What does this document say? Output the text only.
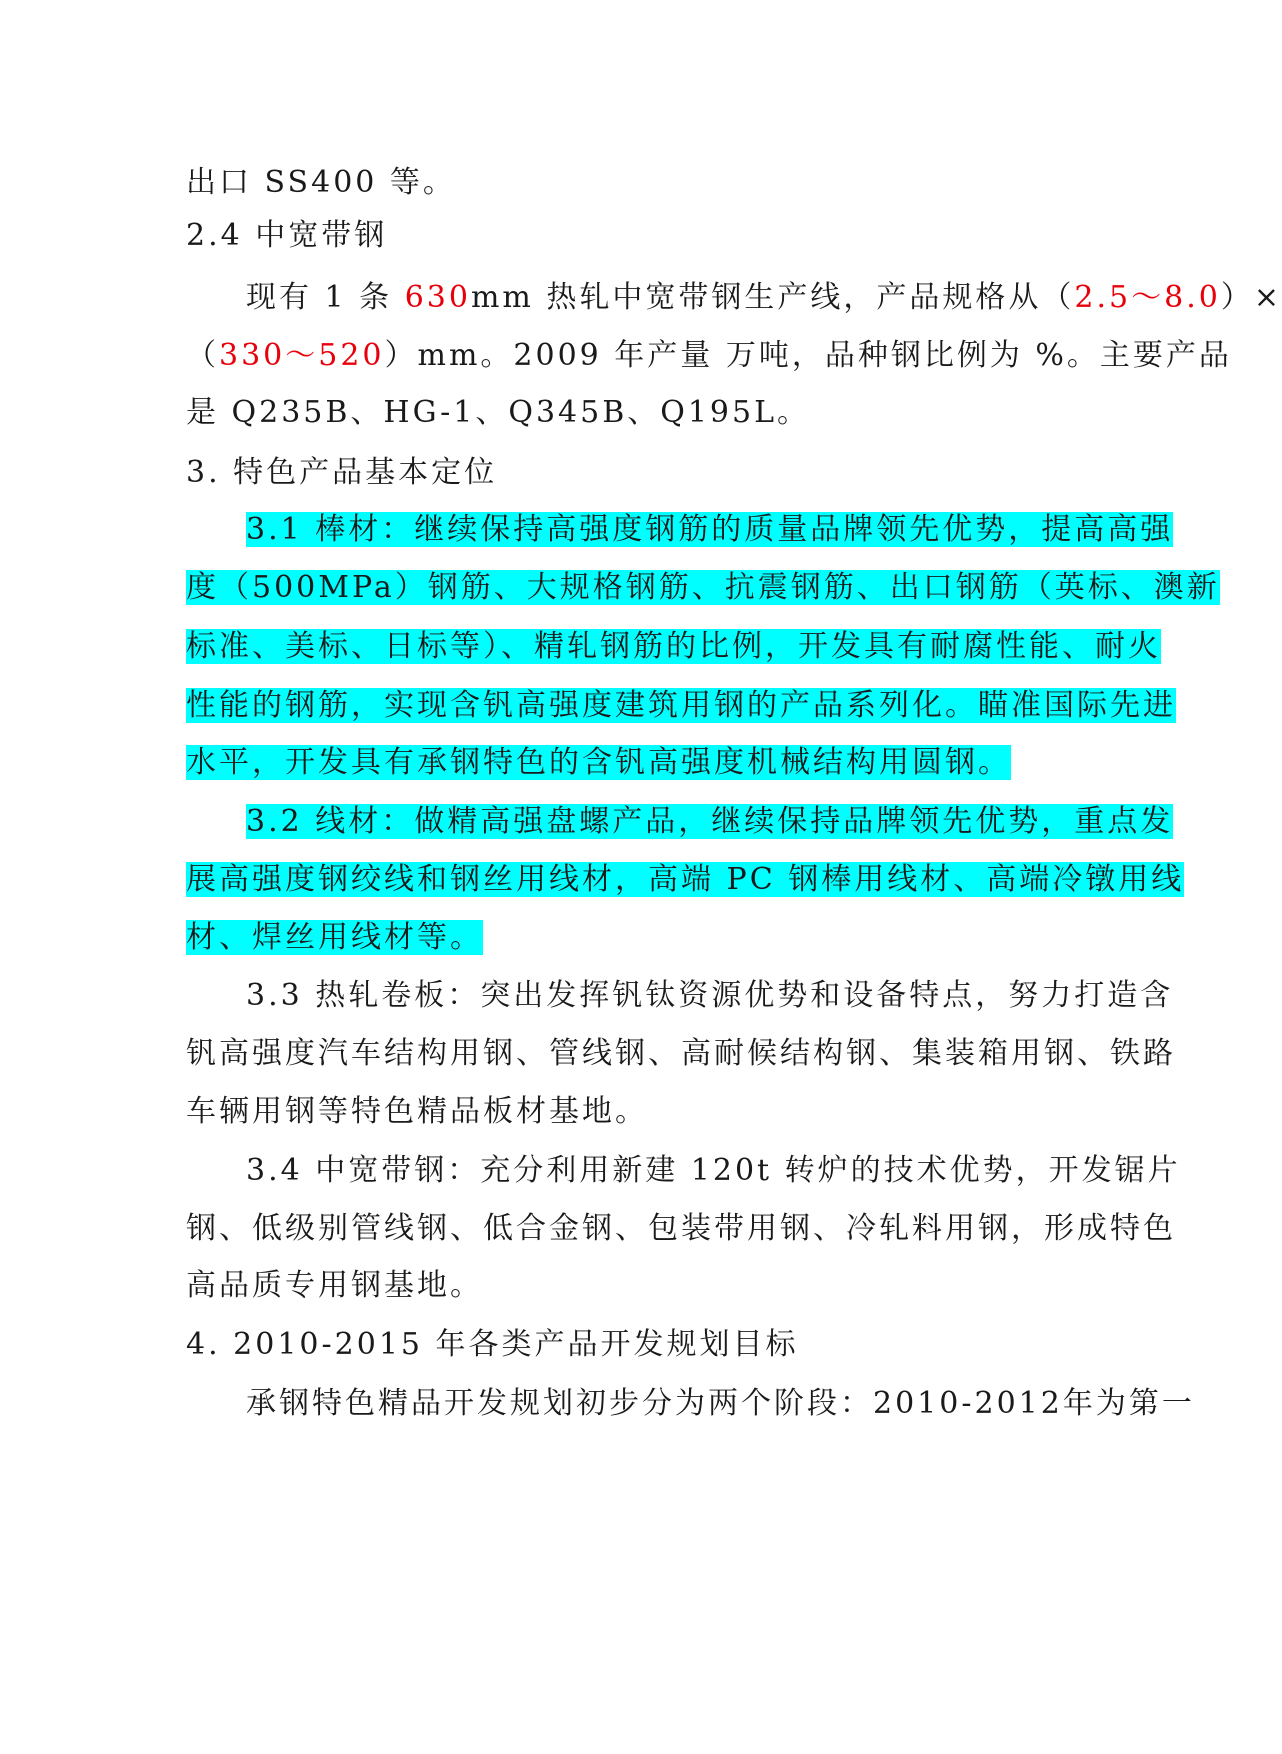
出口 SS400 等。
2.4 中宽带钢
现有 1 条 630mm 热轧中宽带钢生产线，产品规格从（2.5～8.0）×
（330～520）mm。2009 年产量 万吨，品种钢比例为 %。主要产品
是 Q235B、HG-1、Q345B、Q195L。
3. 特色产品基本定位
3.1 棒材：继续保持高强度钢筋的质量品牌领先优势，提高高强
度（500MPa）钢筋、大规格钢筋、抗震钢筋、出口钢筋（英标、澳新
标准、美标、日标等）、精轧钢筋的比例，开发具有耐腐性能、耐火
性能的钢筋，实现含钒高强度建筑用钢的产品系列化。瞄准国际先进
水平，开发具有承钢特色的含钒高强度机械结构用圆钢。
3.2 线材：做精高强盘螺产品，继续保持品牌领先优势，重点发
展高强度钢绞线和钢丝用线材，高端 PC 钢棒用线材、高端冷镦用线
材、焊丝用线材等。
3.3 热轧卷板：突出发挥钒钛资源优势和设备特点，努力打造含
钒高强度汽车结构用钢、管线钢、高耐候结构钢、集装箱用钢、铁路
车辆用钢等特色精品板材基地。
3.4 中宽带钢：充分利用新建 120t 转炉的技术优势，开发锯片
钢、低级别管线钢、低合金钢、包装带用钢、冷轧料用钢，形成特色
高品质专用钢基地。
4. 2010-2015 年各类产品开发规划目标
承钢特色精品开发规划初步分为两个阶段：2010-2012年为第一
